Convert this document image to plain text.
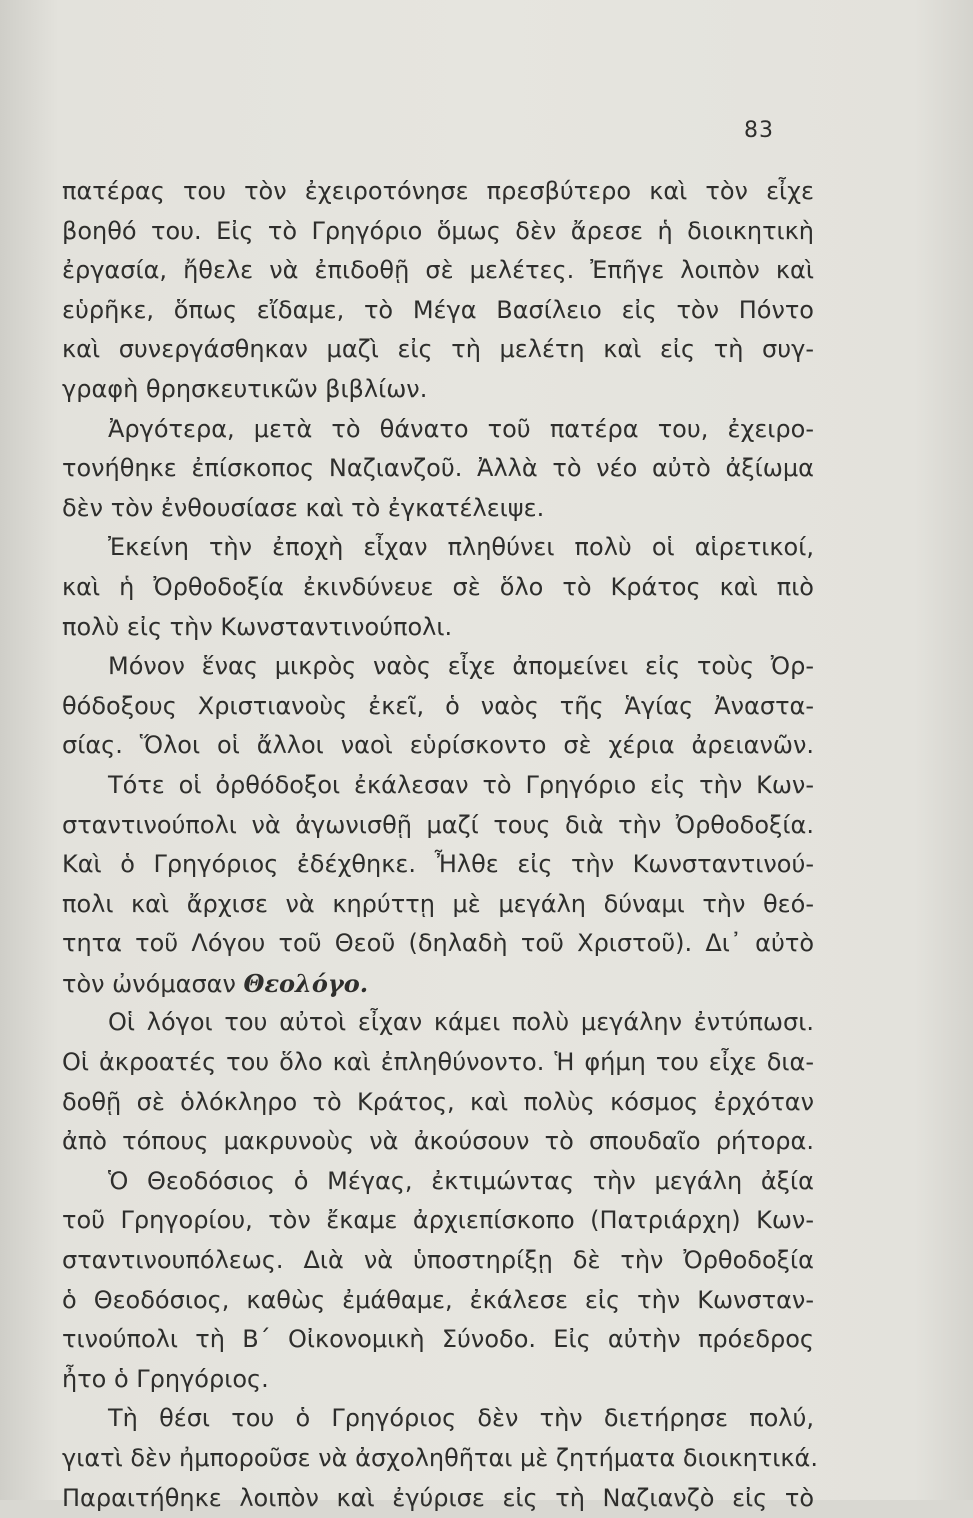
83
πατέρας του τὸν ἐχειροτόνησε πρεσβύτερο καὶ τὸν εἶχε
βοηθό του. Εἰς τὸ Γρηγόριο ὅμως δὲν ἄρεσε ἡ διοικητικὴ
ἐργασία, ἤθελε νὰ ἐπιδοθῇ σὲ μελέτες. Ἐπῆγε λοιπὸν καὶ
εὑρῆκε, ὅπως εἴδαμε, τὸ Μέγα Βασίλειο εἰς τὸν Πόντο
καὶ συνεργάσθηκαν μαζὶ εἰς τὴ μελέτη καὶ εἰς τὴ συγ-
γραφὴ θρησκευτικῶν βιβλίων.
Ἀργότερα, μετὰ τὸ θάνατο τοῦ πατέρα του, ἐχειρο-
τονήθηκε ἐπίσκοπος Ναζιανζοῦ. Ἀλλὰ τὸ νέο αὐτὸ ἀξίωμα
δὲν τὸν ἐνθουσίασε καὶ τὸ ἐγκατέλειψε.
Ἐκείνη τὴν ἐποχὴ εἶχαν πληθύνει πολὺ οἱ αἱρετικοί,
καὶ ἡ Ὀρθοδοξία ἐκινδύνευε σὲ ὅλο τὸ Κράτος καὶ πιὸ
πολὺ εἰς τὴν Κωνσταντινούπολι.
Μόνον ἕνας μικρὸς ναὸς εἶχε ἀπομείνει εἰς τοὺς Ὀρ-
θόδοξους Χριστιανοὺς ἐκεῖ, ὁ ναὸς τῆς Ἁγίας Ἀναστα-
σίας. Ὅλοι οἱ ἄλλοι ναοὶ εὑρίσκοντο σὲ χέρια ἀρειανῶν.
Τότε οἱ ὀρθόδοξοι ἐκάλεσαν τὸ Γρηγόριο εἰς τὴν Κων-
σταντινούπολι νὰ ἀγωνισθῇ μαζί τους διὰ τὴν Ὀρθοδοξία.
Καὶ ὁ Γρηγόριος ἐδέχθηκε. Ἦλθε εἰς τὴν Κωνσταντινού-
πολι καὶ ἄρχισε νὰ κηρύττῃ μὲ μεγάλη δύναμι τὴν θεό-
τητα τοῦ Λόγου τοῦ Θεοῦ (δηλαδὴ τοῦ Χριστοῦ). Δι᾿ αὐτὸ
τὸν ὠνόμασαν Θεολόγο.
Οἱ λόγοι του αὐτοὶ εἶχαν κάμει πολὺ μεγάλην ἐντύπωσι.
Οἱ ἀκροατές του ὅλο καὶ ἐπληθύνοντο. Ἡ φήμη του εἶχε δια-
δοθῇ σὲ ὁλόκληρο τὸ Κράτος, καὶ πολὺς κόσμος ἐρχόταν
ἀπὸ τόπους μακρυνοὺς νὰ ἀκούσουν τὸ σπουδαῖο ρήτορα.
Ὁ Θεοδόσιος ὁ Μέγας, ἐκτιμώντας τὴν μεγάλη ἀξία
τοῦ Γρηγορίου, τὸν ἔκαμε ἀρχιεπίσκοπο (Πατριάρχη) Κων-
σταντινουπόλεως. Διὰ νὰ ὑποστηρίξῃ δὲ τὴν Ὀρθοδοξία
ὁ Θεοδόσιος, καθὼς ἐμάθαμε, ἐκάλεσε εἰς τὴν Κωνσταν-
τινούπολι τὴ Β΄ Οἰκονομικὴ Σύνοδο. Εἰς αὐτὴν πρόεδρος
ἦτο ὁ Γρηγόριος.
Τὴ θέσι του ὁ Γρηγόριος δὲν τὴν διετήρησε πολύ,
γιατὶ δὲν ἠμποροῦσε νὰ ἀσχοληθῆται μὲ ζητήματα διοικητικά.
Παραιτήθηκε λοιπὸν καὶ ἐγύρισε εἰς τὴ Ναζιανζὸ εἰς τὸ
